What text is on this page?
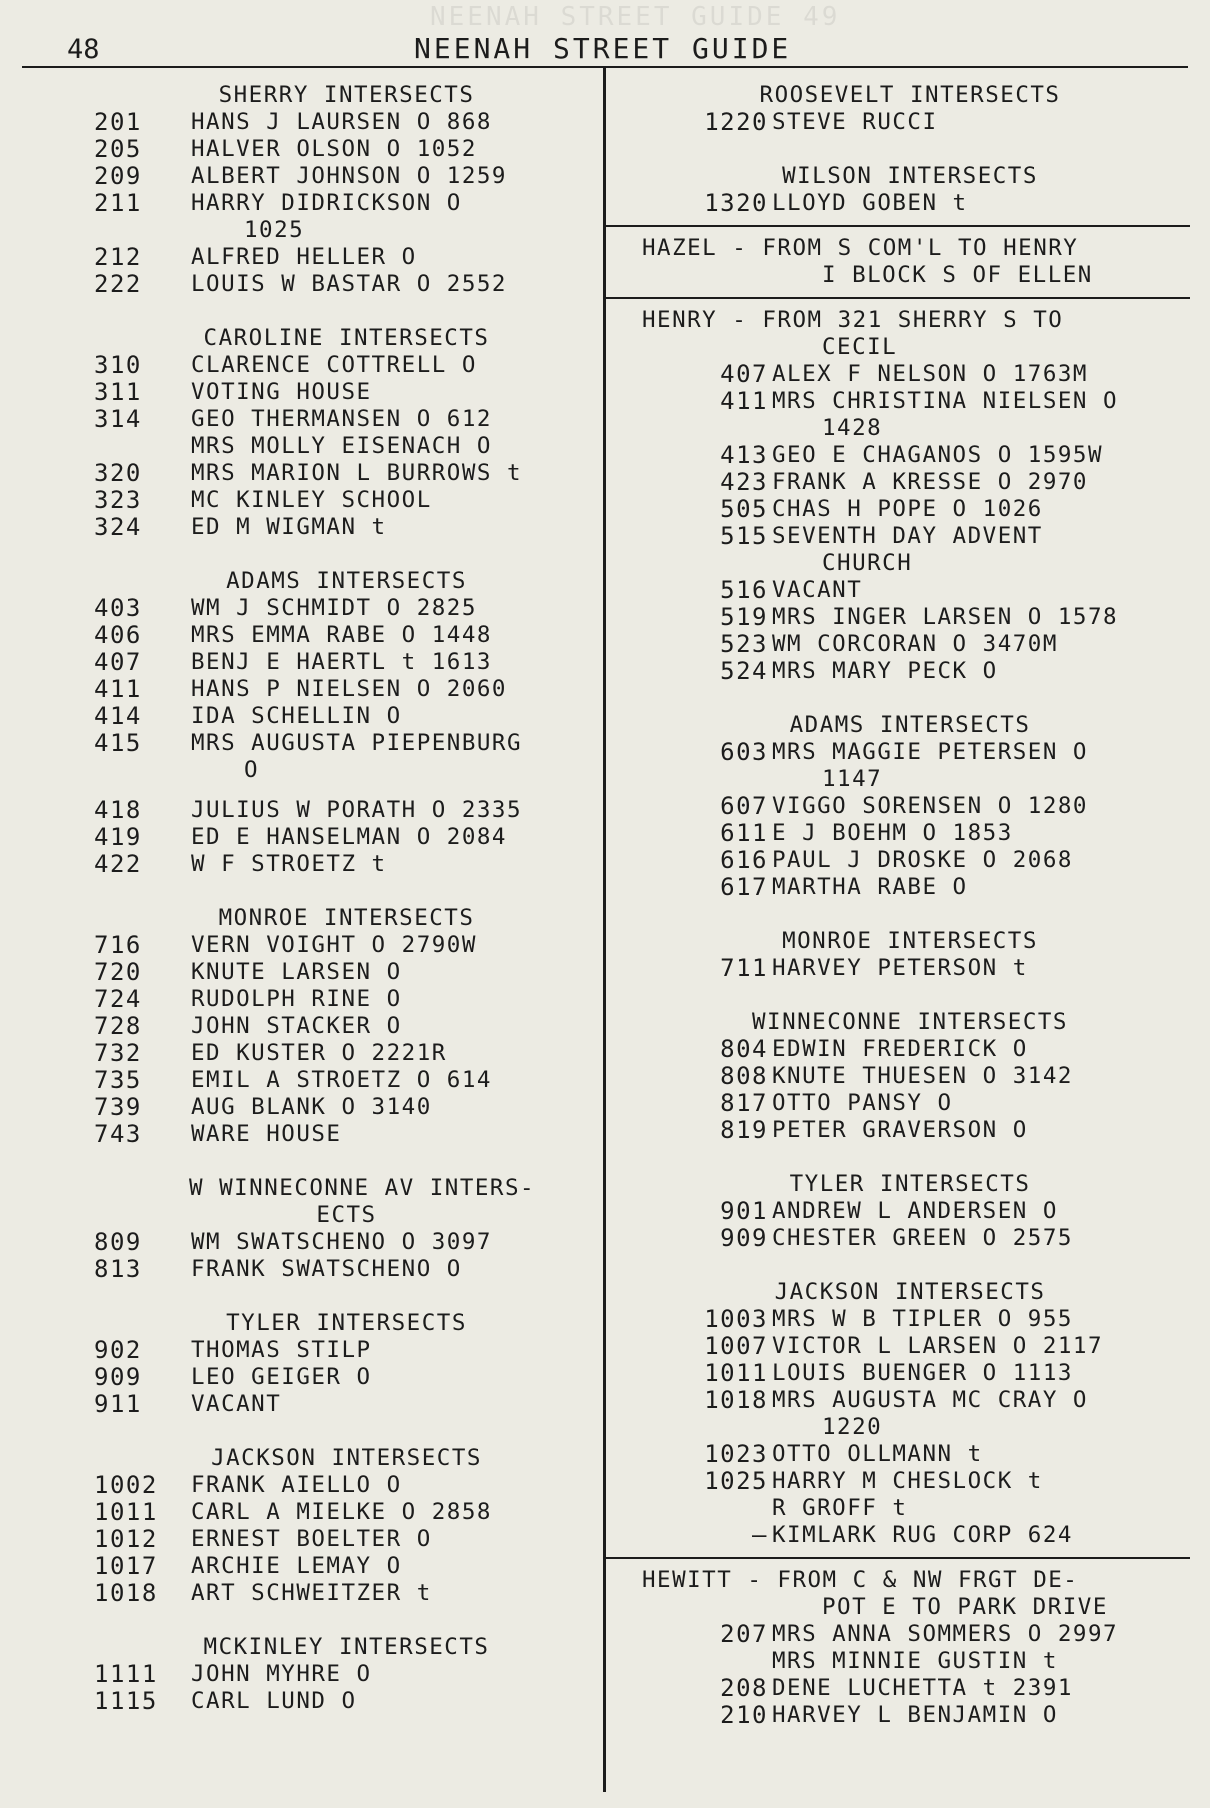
NEENAH STREET GUIDE 49
48	NEENAH STREET GUIDE
SHERRY INTERSECTS
201	HANS J LAURSEN O 868
205	HALVER OLSON O 1052
209	ALBERT JOHNSON O 1259
211	HARRY DIDRICKSON O
1025
212	ALFRED HELLER O
222	LOUIS W BASTAR O 2552
CAROLINE INTERSECTS
310	CLARENCE COTTRELL O
311	VOTING HOUSE
314	GEO THERMANSEN O 612
MRS MOLLY EISENACH O
320	MRS MARION L BURROWS t
323	MC KINLEY SCHOOL
324	ED M WIGMAN t
ADAMS INTERSECTS
403	WM J SCHMIDT O 2825
406	MRS EMMA RABE O 1448
407	BENJ E HAERTL t 1613
411	HANS P NIELSEN O 2060
414	IDA SCHELLIN O
415	MRS AUGUSTA PIEPENBURG
O
418	JULIUS W PORATH O 2335
419	ED E HANSELMAN O 2084
422	W F STROETZ t
MONROE INTERSECTS
716	VERN VOIGHT O 2790W
720	KNUTE LARSEN O
724	RUDOLPH RINE O
728	JOHN STACKER O
732	ED KUSTER O 2221R
735	EMIL A STROETZ O 614
739	AUG BLANK O 3140
743	WARE HOUSE
W WINNECONNE AV INTERS-
ECTS
809	WM SWATSCHENO O 3097
813	FRANK SWATSCHENO O
TYLER INTERSECTS
902	THOMAS STILP
909	LEO GEIGER O
911	VACANT
JACKSON INTERSECTS
1002 FRANK AIELLO O
1011 CARL A MIELKE O 2858
1012 ERNEST BOELTER O
1017 ARCHIE LEMAY O
1018 ART SCHWEITZER t
MCKINLEY INTERSECTS
1111 JOHN MYHRE O
1115 CARL LUND O
ROOSEVELT INTERSECTS
1220 STEVE RUCCI
WILSON INTERSECTS
1320 LLOYD GOBEN t
HAZEL - FROM S COM'L TO HENRY
I BLOCK S OF ELLEN
HENRY - FROM 321 SHERRY S TO
CECIL
407 ALEX F NELSON O 1763M
411 MRS CHRISTINA NIELSEN O
1428
413 GEO E CHAGANOS O 1595W
423 FRANK A KRESSE O 2970
505 CHAS H POPE O 1026
515 SEVENTH DAY ADVENT
CHURCH
516 VACANT
519 MRS INGER LARSEN O 1578
523 WM CORCORAN O 3470M
524 MRS MARY PECK O
ADAMS INTERSECTS
603 MRS MAGGIE PETERSEN O
1147
607 VIGGO SORENSEN O 1280
611 E J BOEHM O 1853
616 PAUL J DROSKE O 2068
617 MARTHA RABE O
MONROE INTERSECTS
711 HARVEY PETERSON t
WINNECONNE INTERSECTS
804 EDWIN FREDERICK O
808 KNUTE THUESEN O 3142
817 OTTO PANSY O
819 PETER GRAVERSON O
TYLER INTERSECTS
901 ANDREW L ANDERSEN O
909 CHESTER GREEN O 2575
JACKSON INTERSECTS
1003 MRS W B TIPLER O 955
1007 VICTOR L LARSEN O 2117
1011 LOUIS BUENGER O 1113
1018 MRS AUGUSTA MC CRAY O
1220
1023 OTTO OLLMANN t
1025 HARRY M CHESLOCK t
R GROFF t
— KIMLARK RUG CORP 624
HEWITT - FROM C & NW FRGT DE-
POT E TO PARK DRIVE
207 MRS ANNA SOMMERS O 2997
MRS MINNIE GUSTIN t
208 DENE LUCHETTA t 2391
210 HARVEY L BENJAMIN O
